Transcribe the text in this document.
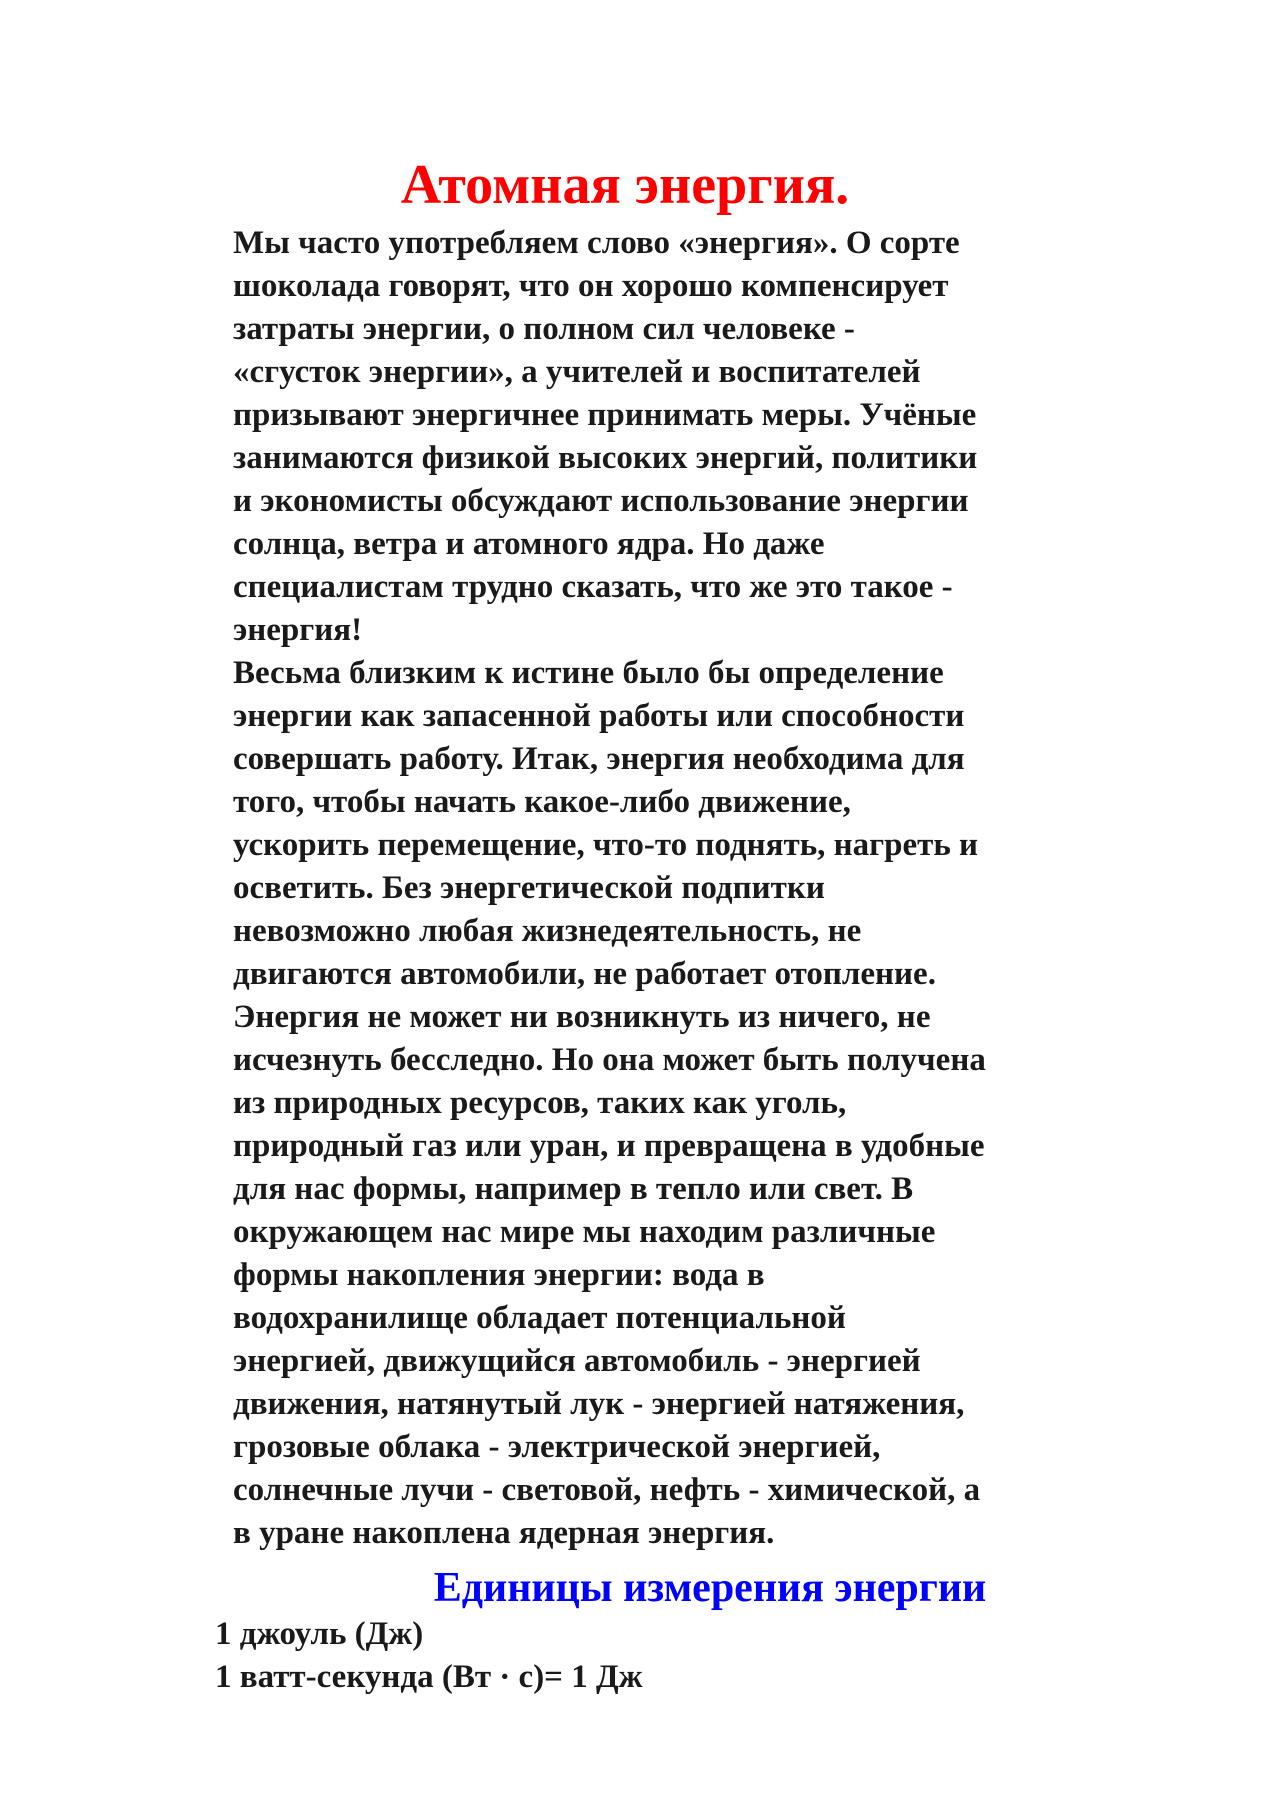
Атомная энергия.

Мы часто употребляем слово «энергия». О сорте
шоколада говорят, что он хорошо компенсирует
затраты энергии, о полном сил человеке -
«сгусток энергии», а учителей и воспитателей
призывают энергичнее принимать меры. Учёные
занимаются физикой высоких энергий, политики
и экономисты обсуждают использование энергии
солнца, ветра и атомного ядра. Но даже
специалистам трудно сказать, что же это такое -
энергия!

Весьма близким к истине было бы определение
энергии как запасенной работы или способности
совершать работу. Итак, энергия необходима для
того, чтобы начать какое-либо движение,
ускорить перемещение, что-то поднять, нагреть и
осветить. Без энергетической подпитки
невозможно любая жизнедеятельность, не
двигаются автомобили, не работает отопление.
Энергия не может ни возникнуть из ничего, не
исчезнуть бесследно. Но она может быть получена
из природных ресурсов, таких как уголь,
природный газ или уран, и превращена в удобные
для нас формы, например в тепло или свет. В
окружающем нас мире мы находим различные
формы накопления энергии: вода в
водохранилище обладает потенциальной
энергией, движущийся автомобиль - энергией
движения, натянутый лук - энергией натяжения,
грозовые облака - электрической энергией,
солнечные лучи - световой, нефть - химической, а
в уране накоплена ядерная энергия.

Единицы измерения энергии
1 джоуль (Дж)
1 ватт-секунда (Вт · с)= 1 Дж
